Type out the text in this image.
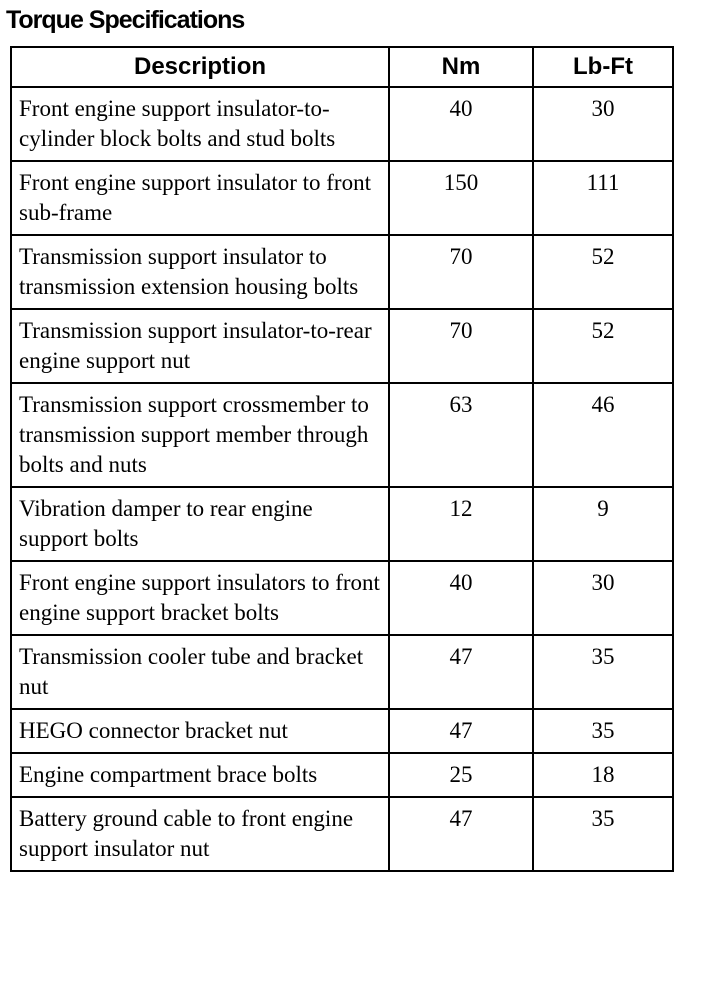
Torque Specifications
Description	Nm	Lb-Ft
Front engine support insulator-to-cylinder block bolts and stud bolts	40	30
Front engine support insulator to front sub-frame	150	111
Transmission support insulator to transmission extension housing bolts	70	52
Transmission support insulator-to-rear engine support nut	70	52
Transmission support crossmember to transmission support member through bolts and nuts	63	46
Vibration damper to rear engine support bolts	12	9
Front engine support insulators to front engine support bracket bolts	40	30
Transmission cooler tube and bracket nut	47	35
HEGO connector bracket nut	47	35
Engine compartment brace bolts	25	18
Battery ground cable to front engine support insulator nut	47	35
